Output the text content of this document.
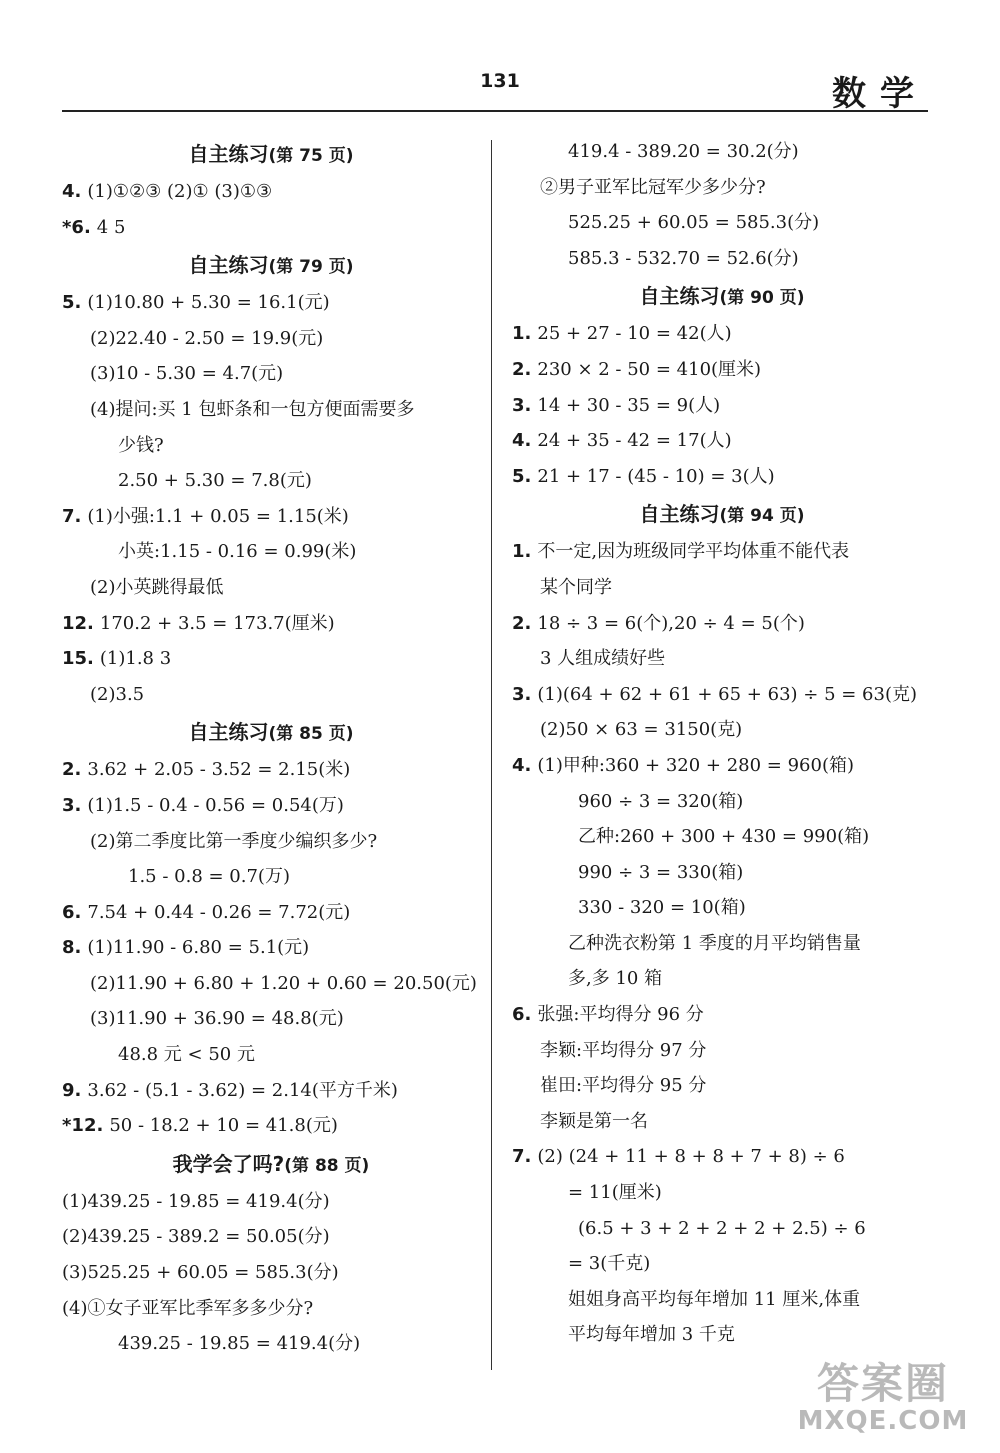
131	数学
自主练习(第 75 页)
4. (1)①②③ (2)① (3)①③
*6. 4 5
自主练习(第 79 页)
5. (1)10.80 + 5.30 = 16.1(元)
(2)22.40 - 2.50 = 19.9(元)
(3)10 - 5.30 = 4.7(元)
(4)提问:买 1 包虾条和一包方便面需要多
少钱?
2.50 + 5.30 = 7.8(元)
7. (1)小强:1.1 + 0.05 = 1.15(米)
小英:1.15 - 0.16 = 0.99(米)
(2)小英跳得最低
12. 170.2 + 3.5 = 173.7(厘米)
15. (1)1.8 3
(2)3.5
自主练习(第 85 页)
2. 3.62 + 2.05 - 3.52 = 2.15(米)
3. (1)1.5 - 0.4 - 0.56 = 0.54(万)
(2)第二季度比第一季度少编织多少?
1.5 - 0.8 = 0.7(万)
6. 7.54 + 0.44 - 0.26 = 7.72(元)
8. (1)11.90 - 6.80 = 5.1(元)
(2)11.90 + 6.80 + 1.20 + 0.60 = 20.50(元)
(3)11.90 + 36.90 = 48.8(元)
48.8 元 < 50 元
9. 3.62 - (5.1 - 3.62) = 2.14(平方千米)
*12. 50 - 18.2 + 10 = 41.8(元)
我学会了吗?(第 88 页)
(1)439.25 - 19.85 = 419.4(分)
(2)439.25 - 389.2 = 50.05(分)
(3)525.25 + 60.05 = 585.3(分)
(4)①女子亚军比季军多多少分?
439.25 - 19.85 = 419.4(分)
419.4 - 389.20 = 30.2(分)
②男子亚军比冠军少多少分?
525.25 + 60.05 = 585.3(分)
585.3 - 532.70 = 52.6(分)
自主练习(第 90 页)
1. 25 + 27 - 10 = 42(人)
2. 230 × 2 - 50 = 410(厘米)
3. 14 + 30 - 35 = 9(人)
4. 24 + 35 - 42 = 17(人)
5. 21 + 17 - (45 - 10) = 3(人)
自主练习(第 94 页)
1. 不一定,因为班级同学平均体重不能代表
某个同学
2. 18 ÷ 3 = 6(个),20 ÷ 4 = 5(个)
3 人组成绩好些
3. (1)(64 + 62 + 61 + 65 + 63) ÷ 5 = 63(克)
(2)50 × 63 = 3150(克)
4. (1)甲种:360 + 320 + 280 = 960(箱)
960 ÷ 3 = 320(箱)
乙种:260 + 300 + 430 = 990(箱)
990 ÷ 3 = 330(箱)
330 - 320 = 10(箱)
乙种洗衣粉第 1 季度的月平均销售量
多,多 10 箱
6. 张强:平均得分 96 分
李颖:平均得分 97 分
崔田:平均得分 95 分
李颖是第一名
7. (2) (24 + 11 + 8 + 8 + 7 + 8) ÷ 6
= 11(厘米)
(6.5 + 3 + 2 + 2 + 2 + 2.5) ÷ 6
= 3(千克)
姐姐身高平均每年增加 11 厘米,体重
平均每年增加 3 千克
答案圈
MXQE.COM
